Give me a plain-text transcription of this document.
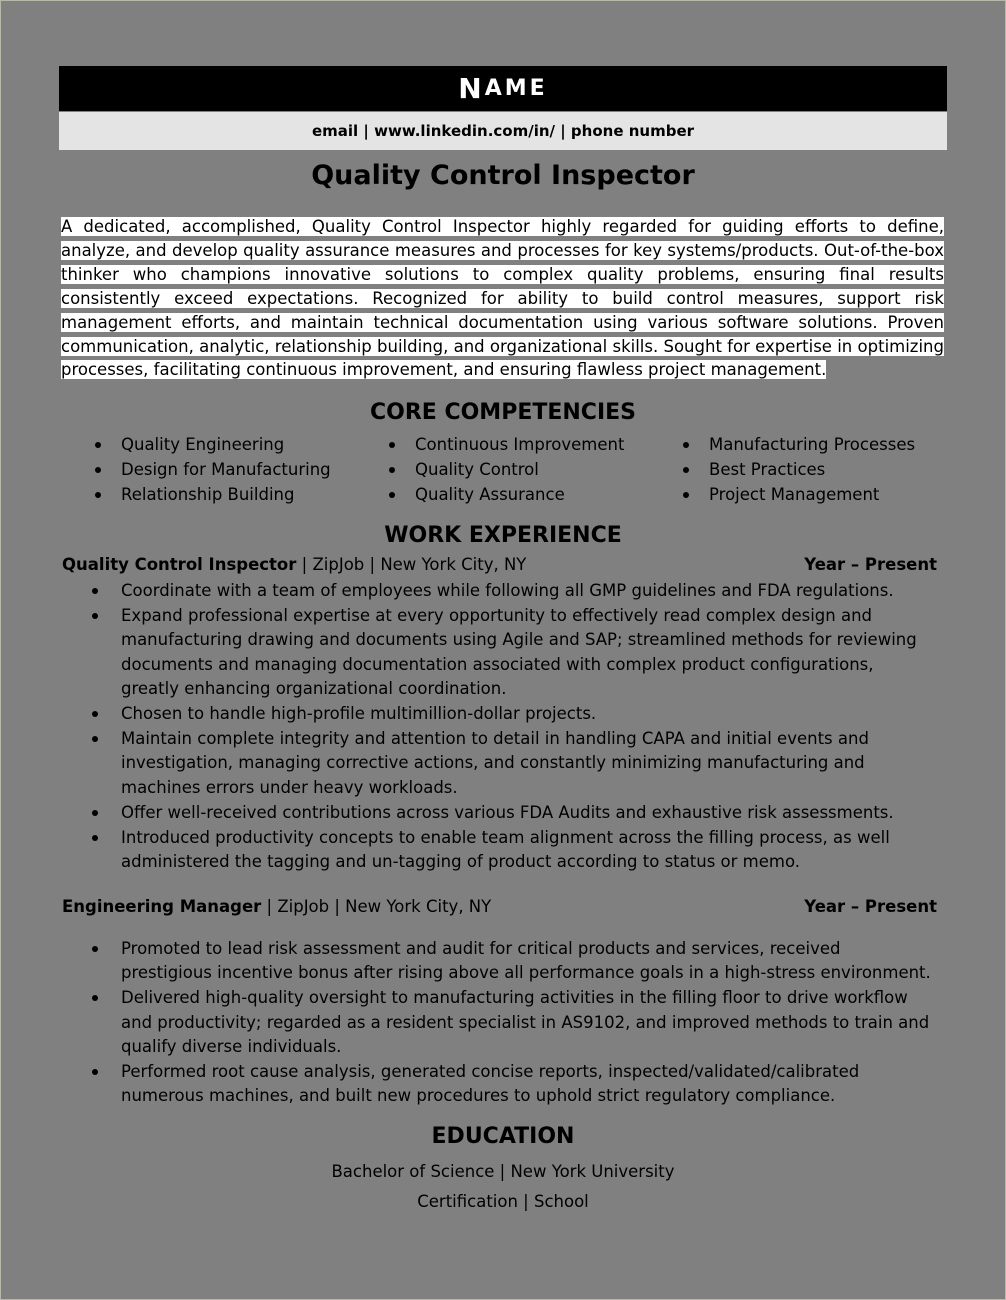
N AME
email | www.linkedin.com/in/ | phone number
Quality Control Inspector
A dedicated, accomplished, Quality Control Inspector highly regarded for guiding efforts to define, analyze, and develop quality assurance measures and processes for key systems/products. Out-of-the-box thinker who champions innovative solutions to complex quality problems, ensuring final results consistently exceed expectations. Recognized for ability to build control measures, support risk management efforts, and maintain technical documentation using various software solutions. Proven communication, analytic, relationship building, and organizational skills. Sought for expertise in optimizing processes, facilitating continuous improvement, and ensuring flawless project management.
CORE COMPETENCIES
Quality Engineering
Design for Manufacturing
Relationship Building
Continuous Improvement
Quality Control
Quality Assurance
Manufacturing Processes
Best Practices
Project Management
WORK EXPERIENCE
Quality Control Inspector | ZipJob | New York City, NY	Year – Present
Coordinate with a team of employees while following all GMP guidelines and FDA regulations.
Expand professional expertise at every opportunity to effectively read complex design and manufacturing drawing and documents using Agile and SAP; streamlined methods for reviewing documents and managing documentation associated with complex product configurations, greatly enhancing organizational coordination.
Chosen to handle high-profile multimillion-dollar projects.
Maintain complete integrity and attention to detail in handling CAPA and initial events and investigation, managing corrective actions, and constantly minimizing manufacturing and machines errors under heavy workloads.
Offer well-received contributions across various FDA Audits and exhaustive risk assessments.
Introduced productivity concepts to enable team alignment across the filling process, as well administered the tagging and un-tagging of product according to status or memo.
Engineering Manager | ZipJob | New York City, NY	Year – Present
Promoted to lead risk assessment and audit for critical products and services, received prestigious incentive bonus after rising above all performance goals in a high-stress environment.
Delivered high-quality oversight to manufacturing activities in the filling floor to drive workflow and productivity; regarded as a resident specialist in AS9102, and improved methods to train and qualify diverse individuals.
Performed root cause analysis, generated concise reports, inspected/validated/calibrated numerous machines, and built new procedures to uphold strict regulatory compliance.
EDUCATION
Bachelor of Science | New York University
Certification | School
